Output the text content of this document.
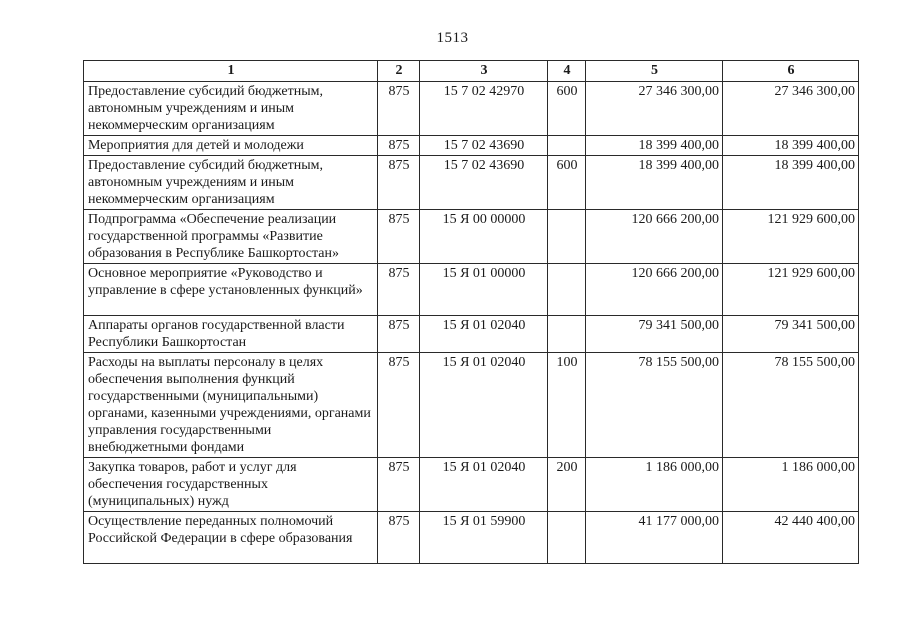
1513
1	2	3	4	5	6
Предоставление субсидий бюджетным, автономным учреждениям и иным некоммерческим организациям	875	15 7 02 42970	600	27 346 300,00	27 346 300,00
Мероприятия для детей и молодежи	875	15 7 02 43690		18 399 400,00	18 399 400,00
Предоставление субсидий бюджетным, автономным учреждениям и иным некоммерческим организациям	875	15 7 02 43690	600	18 399 400,00	18 399 400,00
Подпрограмма «Обеспечение реализации государственной программы «Развитие образования в Республике Башкортостан»	875	15 Я 00 00000		120 666 200,00	121 929 600,00
Основное мероприятие «Руководство и управление в сфере установленных функций»	875	15 Я 01 00000		120 666 200,00	121 929 600,00
Аппараты органов государственной власти Республики Башкортостан	875	15 Я 01 02040		79 341 500,00	79 341 500,00
Расходы на выплаты персоналу в целях обеспечения выполнения функций государственными (муниципальными) органами, казенными учреждениями, органами управления государственными внебюджетными фондами	875	15 Я 01 02040	100	78 155 500,00	78 155 500,00
Закупка товаров, работ и услуг для обеспечения государственных (муниципальных) нужд	875	15 Я 01 02040	200	1 186 000,00	1 186 000,00
Осуществление переданных полномочий Российской Федерации в сфере образования	875	15 Я 01 59900		41 177 000,00	42 440 400,00
